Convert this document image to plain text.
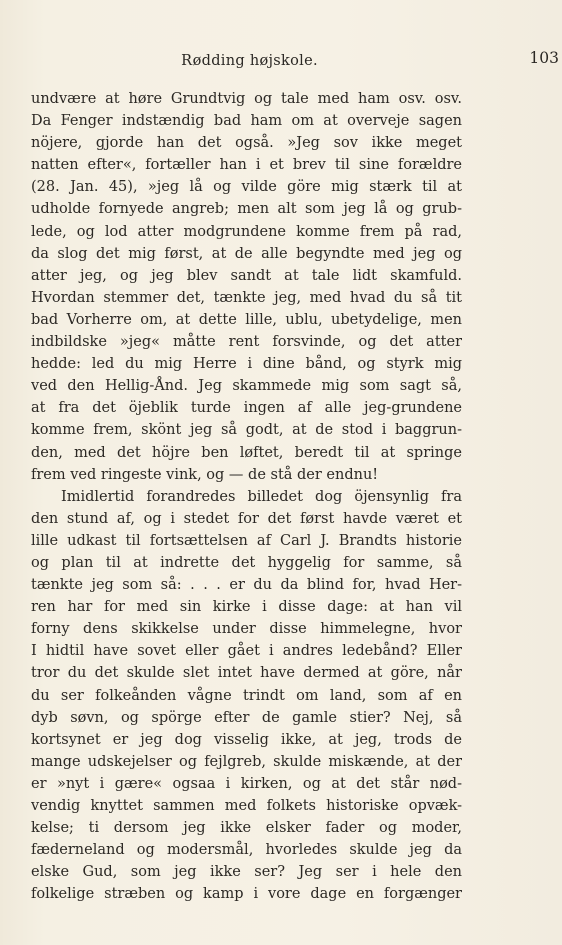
Rødding højskole.	103
undvære at høre Grundtvig og tale med ham osv. osv.
Da Fenger indstændig bad ham om at overveje sagen
nöjere, gjorde han det også. »Jeg sov ikke meget
natten efter«, fortæller han i et brev til sine forældre
(28. Jan. 45), »jeg lå og vilde göre mig stærk til at
udholde fornyede angreb; men alt som jeg lå og grub-
lede, og lod atter modgrundene komme frem på rad,
da slog det mig først, at de alle begyndte med jeg og
atter jeg, og jeg blev sandt at tale lidt skamfuld.
Hvordan stemmer det, tænkte jeg, med hvad du så tit
bad Vorherre om, at dette lille, ublu, ubetydelige, men
indbildske »jeg« måtte rent forsvinde, og det atter
hedde: led du mig Herre i dine bånd, og styrk mig
ved den Hellig-Ånd. Jeg skammede mig som sagt så,
at fra det öjeblik turde ingen af alle jeg-grundene
komme frem, skönt jeg så godt, at de stod i baggrun-
den, med det höjre ben løftet, beredt til at springe
frem ved ringeste vink, og — de stå der endnu!
Imidlertid forandredes billedet dog öjensynlig fra
den stund af, og i stedet for det først havde været et
lille udkast til fortsættelsen af Carl J. Brandts historie
og plan til at indrette det hyggelig for samme, så
tænkte jeg som så: . . . er du da blind for, hvad Her-
ren har for med sin kirke i disse dage: at han vil
forny dens skikkelse under disse himmelegne, hvor
I hidtil have sovet eller gået i andres ledebånd? Eller
tror du det skulde slet intet have dermed at göre, når
du ser folkeånden vågne trindt om land, som af en
dyb søvn, og spörge efter de gamle stier? Nej, så
kortsynet er jeg dog visselig ikke, at jeg, trods de
mange udskejelser og fejlgreb, skulde miskænde, at der
er »nyt i gære« ogsaa i kirken, og at det står nød-
vendig knyttet sammen med folkets historiske opvæk-
kelse; ti dersom jeg ikke elsker fader og moder,
fæderneland og modersmål, hvorledes skulde jeg da
elske Gud, som jeg ikke ser? Jeg ser i hele den
folkelige stræben og kamp i vore dage en forgænger
